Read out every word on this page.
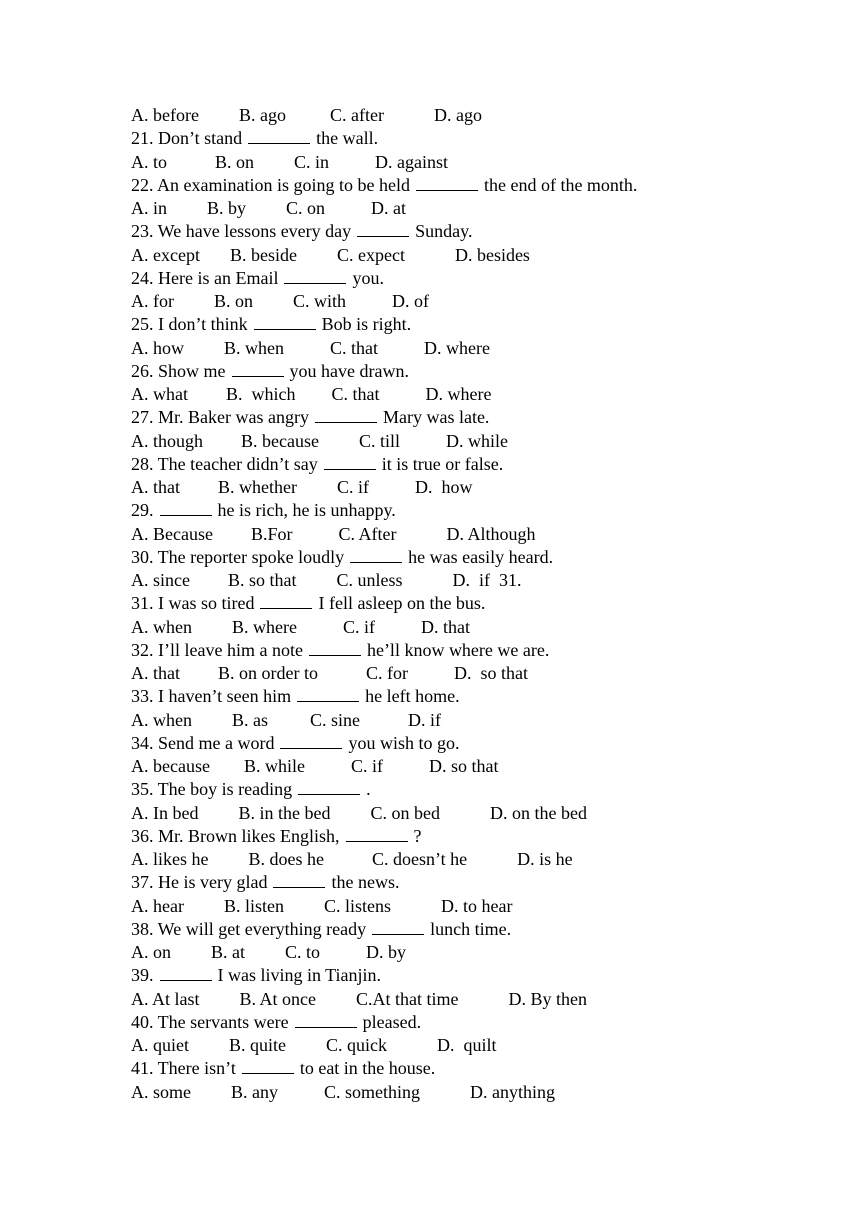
A. before B. ago C. after	D. ago
21. Don’t stand	the wall.
A. to	B. on C. in	D. against
22. An examination is going to be held	the end of the month.
A. in B. by C. on	D. at
23. We have lessons every day	Sunday.
A. except B. beside C. expect	D. besides
24. Here is an Email	you.
A. for B. on C. with	D. of
25. I don’t think	Bob is right.
A. how B. when	C. that	D. where
26. Show me	you have drawn.
A. what B.  which C. that	D. where
27. Mr. Baker was angry	Mary was late.
A. though B. because C. till	D. while
28. The teacher didn’t say	it is true or false.
A. that B. whether C. if	D.  how
29.	he is rich, he is unhappy.
A. Because B.For	C. After	D. Although
30. The reporter spoke loudly	he was easily heard.
A. since B. so that C. unless	D.  if  31.
31. I was so tired	I fell asleep on the bus.
A. when B. where	C. if	D. that
32. I’ll leave him a note	he’ll know where we are.
A. that B. on order to	C. for	D.  so that
33. I haven’t seen him	he left home.
A. when B. as C. sine	D. if
34. Send me a word	you wish to go.
A. because B. while	C. if	D. so that
35. The boy is reading	.
A. In bed B. in the bed C. on bed	D. on the bed
36. Mr. Brown likes English,	?
A. likes he B. does he	C. doesn’t he	D. is he
37. He is very glad	the news.
A. hear B. listen C. listens	D. to hear
38. We will get everything ready	lunch time.
A. on B. at C. to	D. by
39.	I was living in Tianjin.
A. At last B. At once C.At that time	D. By then
40. The servants were	pleased.
A. quiet B. quite C. quick	D.  quilt
41. There isn’t	to eat in the house.
A. some B. any	C. something	D. anything
